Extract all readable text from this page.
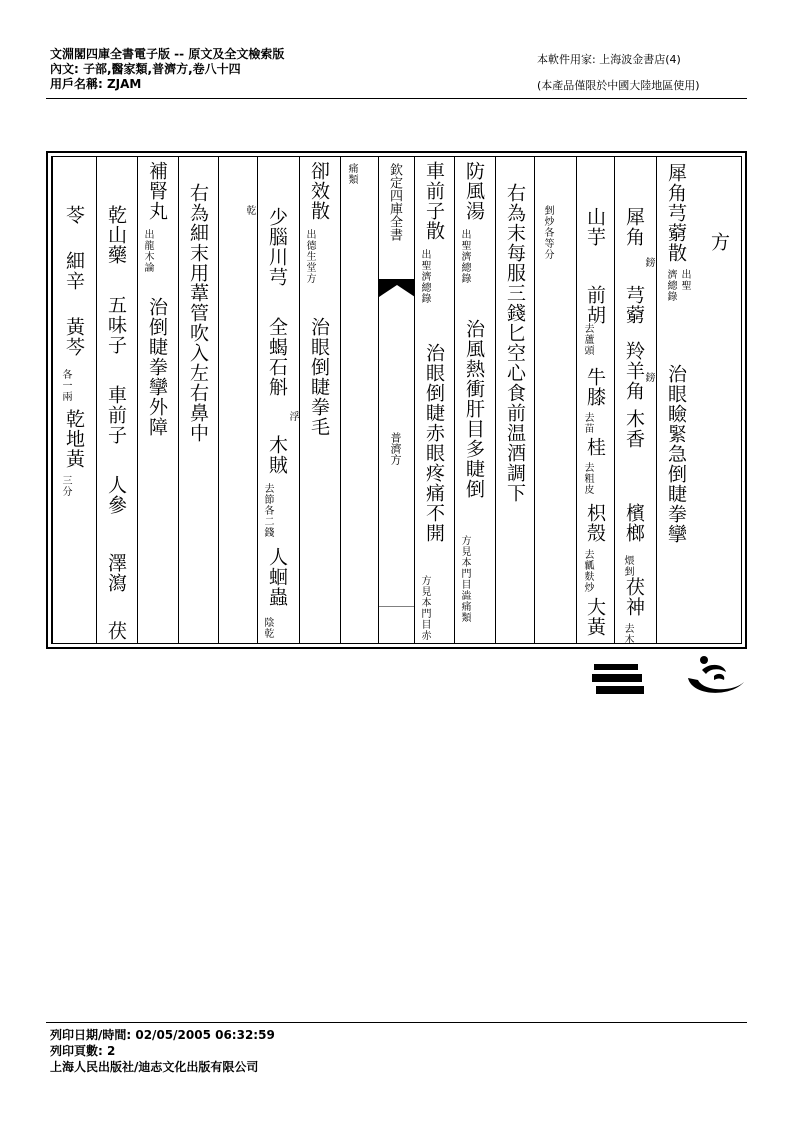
文淵閣四庫全書電子版 -- 原文及全文檢索版
內文: 子部,醫家類,普濟方,卷八十四
用戶名稱: ZJAM
本軟件用家: 上海波金書店(4)
(本產品僅限於中國大陸地區使用)
方
犀角芎藭散
出聖
濟總錄
治眼瞼緊急倒睫拳攣
犀角
鎊
芎藭
羚羊角
鎊
木香
檳榔
煨剉
茯神
去木
山芋
前胡
去蘆頭
牛膝
去苗
桂
去粗皮
枳殼
去瓤麩炒
大黃
剉炒各等分
右為末每服三錢匕空心食前温酒調下
防風湯
出聖濟總錄
治風熱衝肝目多睫倒
方見本門目澁痛類
車前子散
出聖濟總錄
治眼倒睫赤眼疼痛不開
方見本門目赤
欽定四庫全書
普濟方
痛類
卻效散
出德生堂方
治眼倒睫拳毛
少腦川芎
全蝎石斛
浮
木賊
去節各二錢
人蛔蟲
陰乾
乾
右為細末用葦管吹入左右鼻中
補腎丸
出龍木論
治倒睫拳攣外障
乾山藥
五味子
車前子
人參
澤瀉
茯
苓
細辛
黃芩
各一兩
乾地黃
三分
列印日期/時間: 02/05/2005 06:32:59
列印頁數: 2
上海人民出版社/迪志文化出版有限公司
